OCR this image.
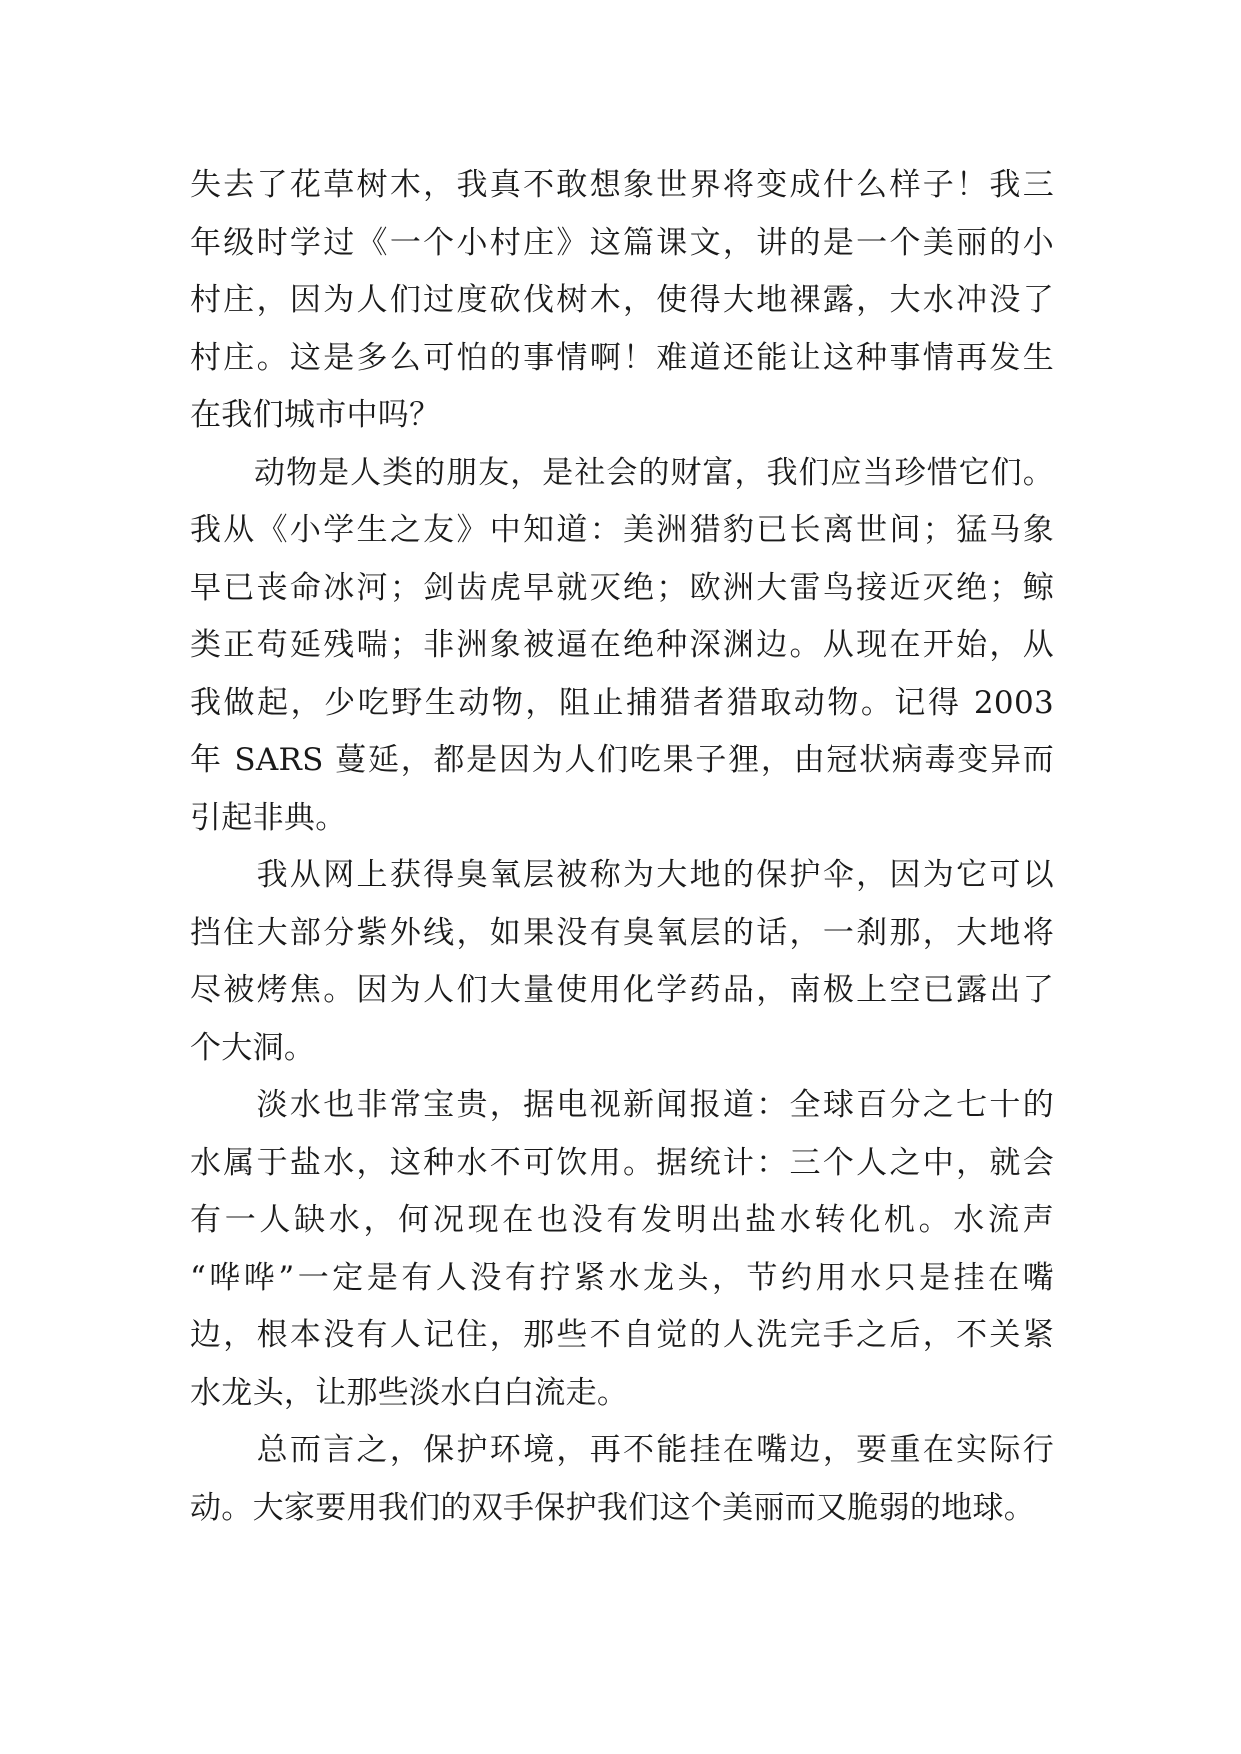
失去了花草树木，我真不敢想象世界将变成什么样子！我三
年级时学过《一个小村庄》这篇课文，讲的是一个美丽的小
村庄，因为人们过度砍伐树木，使得大地裸露，大水冲没了
村庄。这是多么可怕的事情啊！难道还能让这种事情再发生
在我们城市中吗？
　　动物是人类的朋友，是社会的财富，我们应当珍惜它们。
我从《小学生之友》中知道：美洲猎豹已长离世间；猛马象
早已丧命冰河；剑齿虎早就灭绝；欧洲大雷鸟接近灭绝；鲸
类正苟延残喘；非洲象被逼在绝种深渊边。从现在开始，从
我做起，少吃野生动物，阻止捕猎者猎取动物。记得 2003
年 SARS 蔓延，都是因为人们吃果子狸，由冠状病毒变异而
引起非典。
　　我从网上获得臭氧层被称为大地的保护伞，因为它可以
挡住大部分紫外线，如果没有臭氧层的话，一刹那，大地将
尽被烤焦。因为人们大量使用化学药品，南极上空已露出了
个大洞。
　　淡水也非常宝贵，据电视新闻报道：全球百分之七十的
水属于盐水，这种水不可饮用。据统计：三个人之中，就会
有一人缺水，何况现在也没有发明出盐水转化机。水流声
“哗哗”一定是有人没有拧紧水龙头，节约用水只是挂在嘴
边，根本没有人记住，那些不自觉的人洗完手之后，不关紧
水龙头，让那些淡水白白流走。
　　总而言之，保护环境，再不能挂在嘴边，要重在实际行
动。大家要用我们的双手保护我们这个美丽而又脆弱的地球。
